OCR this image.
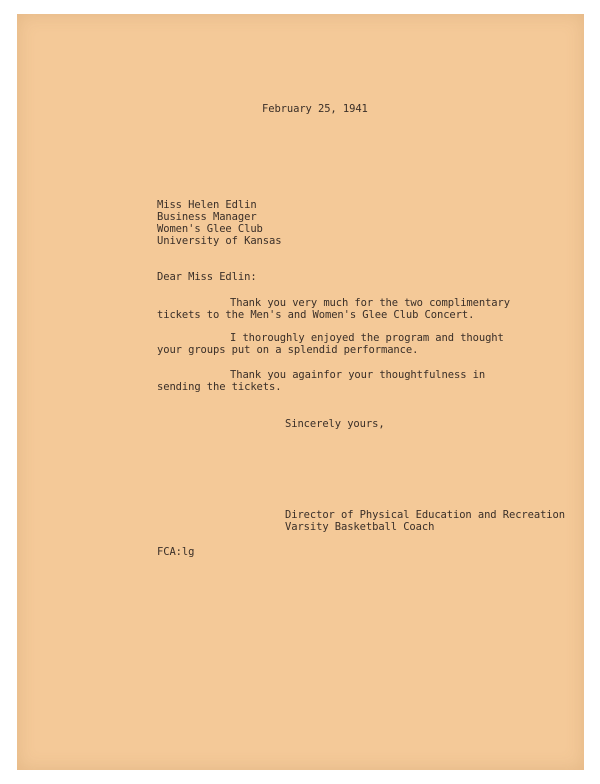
February 25, 1941
Miss Helen Edlin
Business Manager
Women's Glee Club
University of Kansas
Dear Miss Edlin:
Thank you very much for the two complimentary
tickets to the Men's and Women's Glee Club Concert.
I thoroughly enjoyed the program and thought
your groups put on a splendid performance.
Thank you againfor your thoughtfulness in
sending the tickets.
Sincerely yours,
Director of Physical Education and Recreation
Varsity Basketball Coach
FCA:lg
